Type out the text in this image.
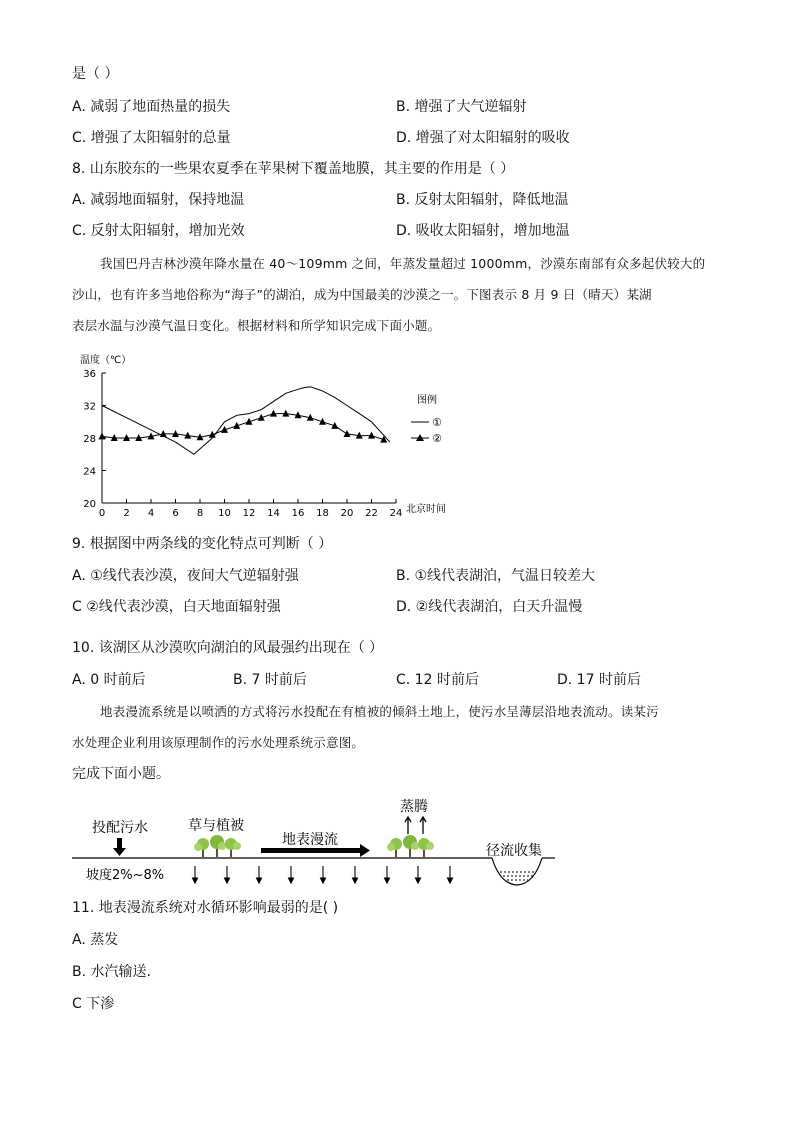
是（ ）
A. 减弱了地面热量的损失	B. 增强了大气逆辐射
C. 增强了太阳辐射的总量	D. 增强了对太阳辐射的吸收
8. 山东胶东的一些果农夏季在苹果树下覆盖地膜，其主要的作用是（ ）
A. 减弱地面辐射，保持地温	B. 反射太阳辐射，降低地温
C. 反射太阳辐射，增加光效	D. 吸收太阳辐射，增加地温
我国巴丹吉林沙漠年降水量在 40～109mm 之间，年蒸发量超过 1000mm，沙漠东南部有众多起伏较大的
沙山，也有许多当地俗称为“海子”的湖泊，成为中国最美的沙漠之一。下图表示 8 月 9 日（晴天）某湖
表层水温与沙漠气温日变化。根据材料和所学知识完成下面小题。
温度（℃）
20
24
28
32
36
0 2 4 6 8 10 12 14 16 18 20 22 24 北京时间
图例
①
②
9. 根据图中两条线的变化特点可判断（ ）
A. ①线代表沙漠，夜间大气逆辐射强	B. ①线代表湖泊，气温日较差大
C ②线代表沙漠，白天地面辐射强	D. ②线代表湖泊，白天升温慢
10. 该湖区从沙漠吹向湖泊的风最强约出现在（ ）
A. 0 时前后	B. 7 时前后	C. 12 时前后	D. 17 时前后
地表漫流系统是以喷洒的方式将污水投配在有植被的倾斜土地上，使污水呈薄层沿地表流动。读某污
水处理企业利用该原理制作的污水处理系统示意图。
完成下面小题。
投配污水	草与植被
地表漫流
蒸腾
径流收集
坡度2%~8%
11. 地表漫流系统对水循环影响最弱的是( )
A. 蒸发
B. 水汽输送.
C 下渗
